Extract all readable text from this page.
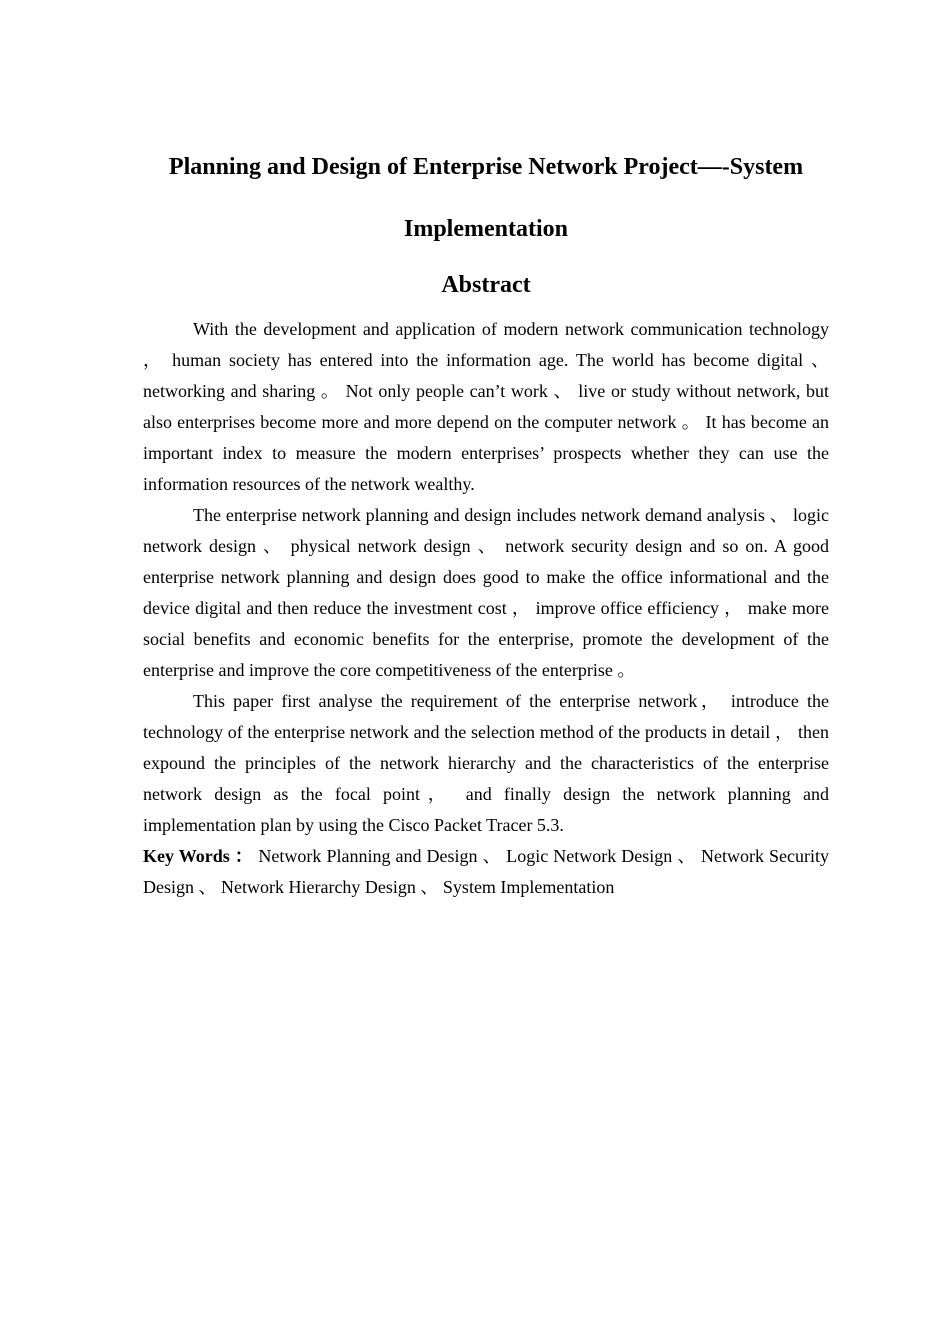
Planning and Design of Enterprise Network Project—-System
Implementation
Abstract

With the development and application of modern network communication technology ， human society has entered into the information age. The world has become digital 、 networking and sharing 。 Not only people can’t work 、 live or study without network, but also enterprises become more and more depend on the computer network 。 It has become an important index to measure the modern enterprises’ prospects whether they can use the information resources of the network wealthy.

The enterprise network planning and design includes network demand analysis 、 logic network design 、 physical network design 、 network security design and so on. A good enterprise network planning and design does good to make the office informational and the device digital and then reduce the investment cost ， improve office efficiency ， make more social benefits and economic benefits for the enterprise, promote the development of the enterprise and improve the core competitiveness of the enterprise 。

This paper first analyse the requirement of the enterprise network， introduce the technology of the enterprise network and the selection method of the products in detail ， then expound the principles of the network hierarchy and the characteristics of the enterprise network design as the focal point， and finally design the network planning and implementation plan by using the Cisco Packet Tracer 5.3.

Key Words ： Network Planning and Design 、 Logic Network Design 、 Network Security Design 、 Network Hierarchy Design 、 System Implementation
